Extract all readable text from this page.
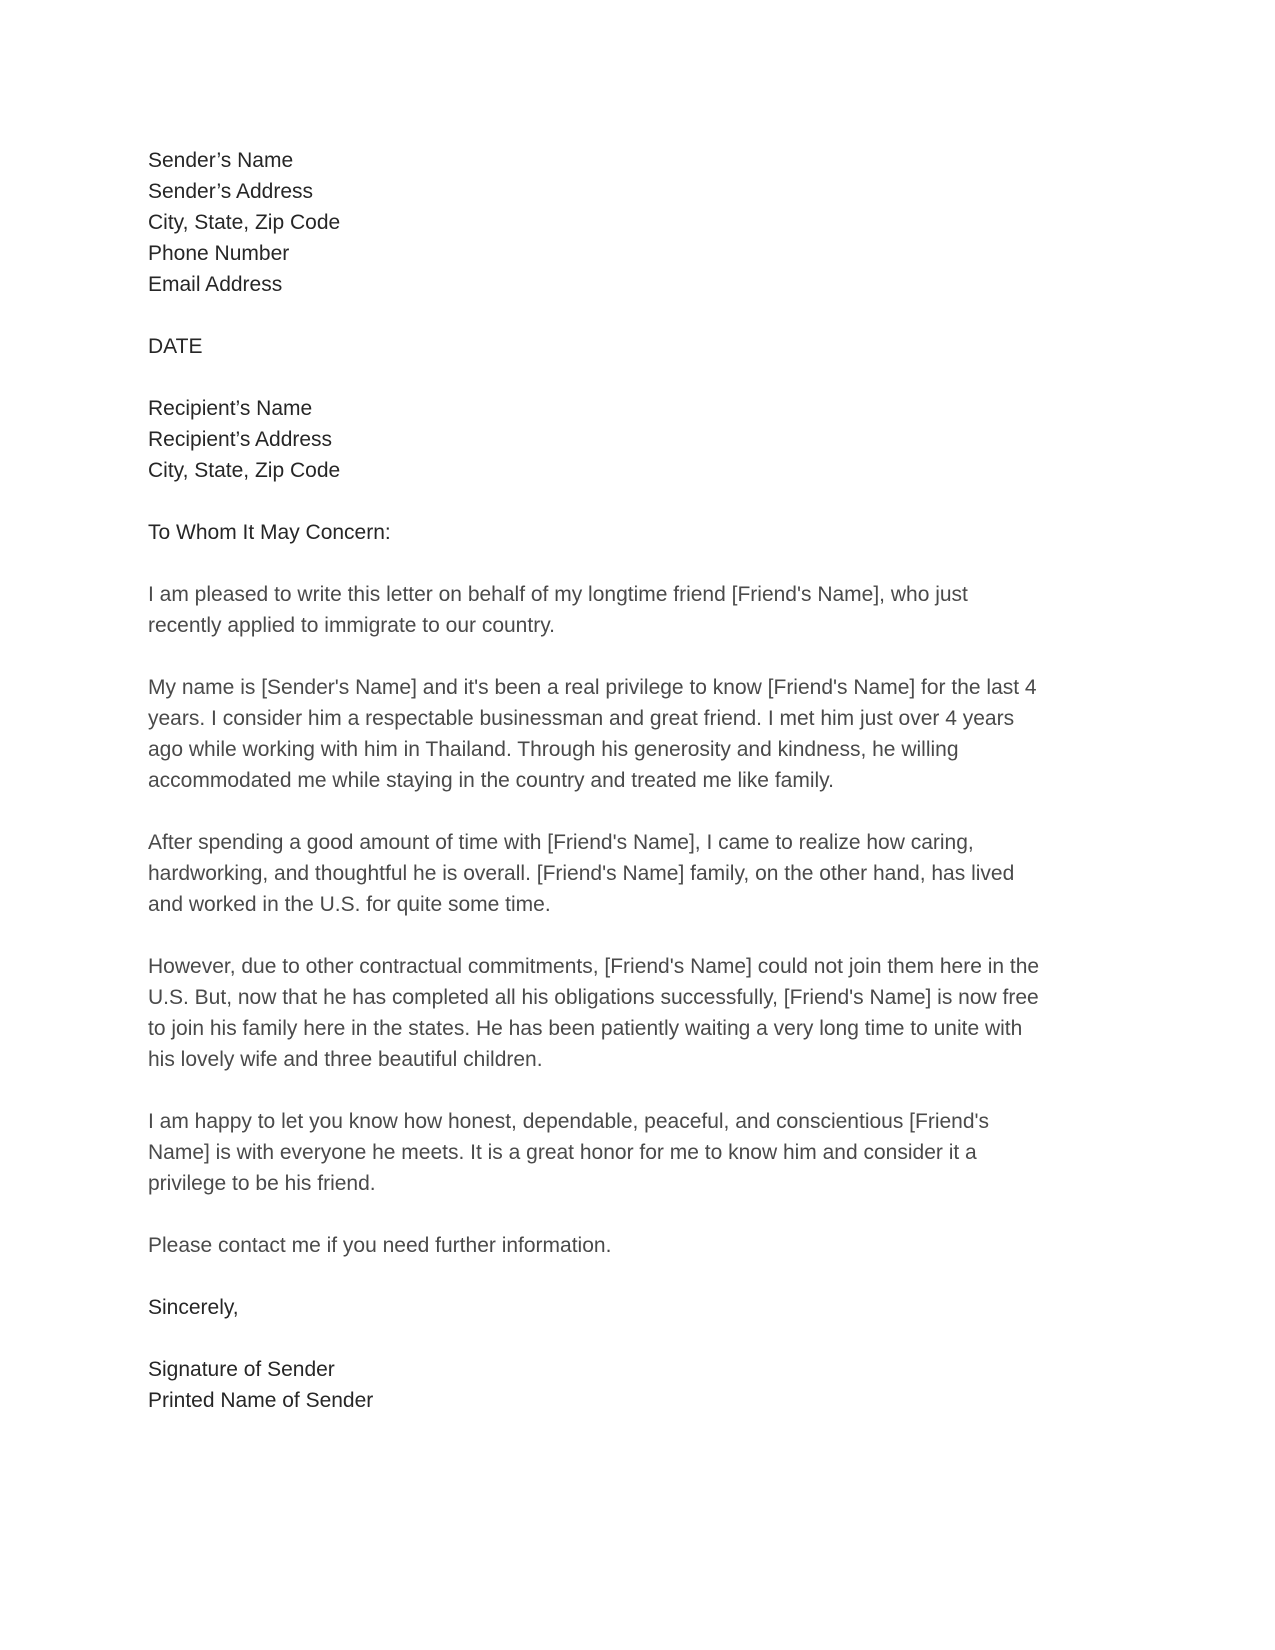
Sender’s Name
Sender’s Address
City, State, Zip Code
Phone Number
Email Address
DATE
Recipient’s Name
Recipient’s Address
City, State, Zip Code
To Whom It May Concern:
I am pleased to write this letter on behalf of my longtime friend [Friend's Name], who just
recently applied to immigrate to our country.
My name is [Sender's Name] and it's been a real privilege to know [Friend's Name] for the last 4
years. I consider him a respectable businessman and great friend. I met him just over 4 years
ago while working with him in Thailand. Through his generosity and kindness, he willing
accommodated me while staying in the country and treated me like family.
After spending a good amount of time with [Friend's Name], I came to realize how caring,
hardworking, and thoughtful he is overall. [Friend's Name] family, on the other hand, has lived
and worked in the U.S. for quite some time.
However, due to other contractual commitments, [Friend's Name] could not join them here in the
U.S. But, now that he has completed all his obligations successfully, [Friend's Name] is now free
to join his family here in the states. He has been patiently waiting a very long time to unite with
his lovely wife and three beautiful children.
I am happy to let you know how honest, dependable, peaceful, and conscientious [Friend's
Name] is with everyone he meets. It is a great honor for me to know him and consider it a
privilege to be his friend.
Please contact me if you need further information.
Sincerely,
Signature of Sender
Printed Name of Sender
